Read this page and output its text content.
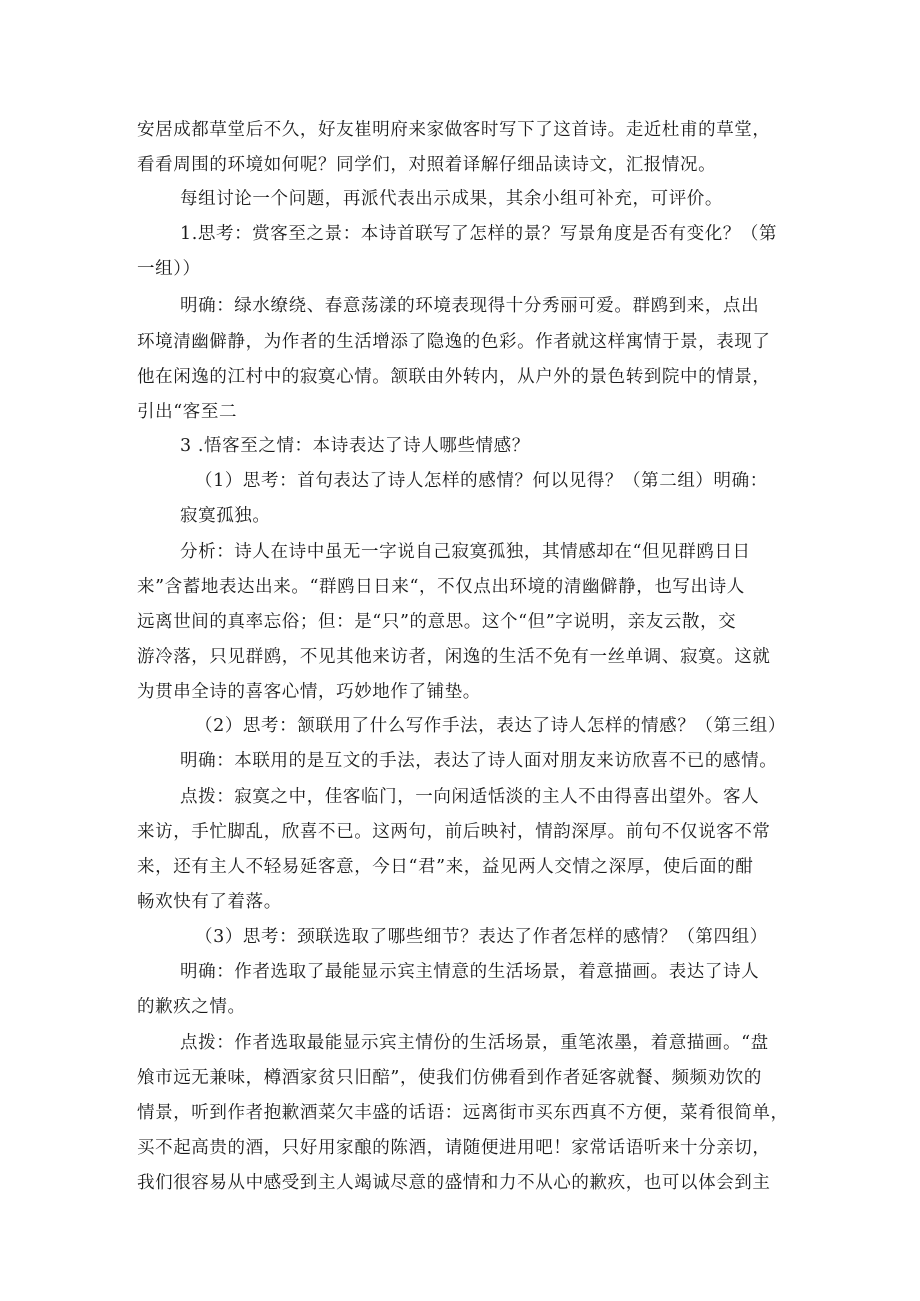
安居成都草堂后不久，好友崔明府来家做客时写下了这首诗。走近杜甫的草堂，
看看周围的环境如何呢？同学们，对照着译解仔细品读诗文，汇报情况。
每组讨论一个问题，再派代表出示成果，其余小组可补充，可评价。
1.思考：赏客至之景：本诗首联写了怎样的景？写景角度是否有变化？（第
一组））
明确：绿水缭绕、春意荡漾的环境表现得十分秀丽可爱。群鸥到来，点出
环境清幽僻静，为作者的生活增添了隐逸的色彩。作者就这样寓情于景，表现了
他在闲逸的江村中的寂寞心情。颔联由外转内，从户外的景色转到院中的情景，
引出“客至二
3 .悟客至之情：本诗表达了诗人哪些情感？
（1）思考：首句表达了诗人怎样的感情？何以见得？（第二组）明确：
寂寞孤独。
分析：诗人在诗中虽无一字说自己寂寞孤独，其情感却在“但见群鸥日日
来”含蓄地表达出来。“群鸥日日来“，不仅点出环境的清幽僻静，也写出诗人
远离世间的真率忘俗；但：是“只”的意思。这个“但”字说明，亲友云散，交
游冷落，只见群鸥，不见其他来访者，闲逸的生活不免有一丝单调、寂寞。这就
为贯串全诗的喜客心情，巧妙地作了铺垫。
（2）思考：颔联用了什么写作手法，表达了诗人怎样的情感？（第三组）
明确：本联用的是互文的手法，表达了诗人面对朋友来访欣喜不已的感情。
点拨：寂寞之中，佳客临门，一向闲适恬淡的主人不由得喜出望外。客人
来访，手忙脚乱，欣喜不已。这两句，前后映衬，情韵深厚。前句不仅说客不常
来，还有主人不轻易延客意，今日“君”来，益见两人交情之深厚，使后面的酣
畅欢快有了着落。
（3）思考：颈联选取了哪些细节？表达了作者怎样的感情？（第四组）
明确：作者选取了最能显示宾主情意的生活场景，着意描画。表达了诗人
的歉疚之情。
点拨：作者选取最能显示宾主情份的生活场景，重笔浓墨，着意描画。“盘
飧市远无兼味，樽酒家贫只旧醅”，使我们仿佛看到作者延客就餐、频频劝饮的
情景，听到作者抱歉酒菜欠丰盛的话语：远离街市买东西真不方便，菜肴很简单，
买不起高贵的酒，只好用家酿的陈酒，请随便进用吧！家常话语听来十分亲切，
我们很容易从中感受到主人竭诚尽意的盛情和力不从心的歉疚，也可以体会到主
